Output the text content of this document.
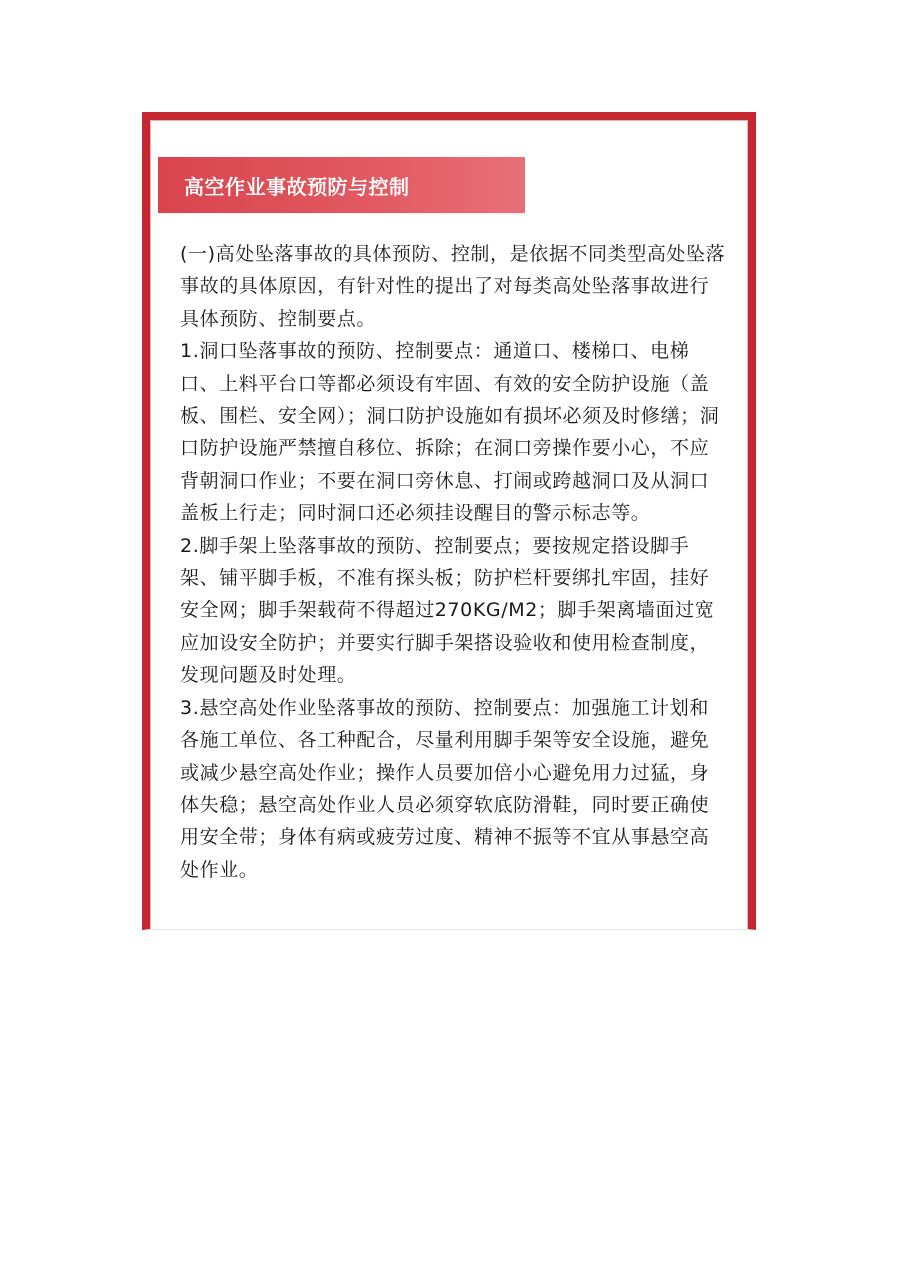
高空作业事故预防与控制

(一)高处坠落事故的具体预防、控制，是依据不同类型高处坠落事故的具体原因，有针对性的提出了对每类高处坠落事故进行具体预防、控制要点。

1.洞口坠落事故的预防、控制要点：通道口、楼梯口、电梯口、上料平台口等都必须设有牢固、有效的安全防护设施（盖板、围栏、安全网）；洞口防护设施如有损坏必须及时修缮；洞口防护设施严禁擅自移位、拆除；在洞口旁操作要小心，不应背朝洞口作业；不要在洞口旁休息、打闹或跨越洞口及从洞口盖板上行走；同时洞口还必须挂设醒目的警示标志等。

2.脚手架上坠落事故的预防、控制要点；要按规定搭设脚手架、铺平脚手板，不准有探头板；防护栏杆要绑扎牢固，挂好安全网；脚手架载荷不得超过270KG/M2；脚手架离墙面过宽应加设安全防护；并要实行脚手架搭设验收和使用检查制度，发现问题及时处理。

3.悬空高处作业坠落事故的预防、控制要点：加强施工计划和各施工单位、各工种配合，尽量利用脚手架等安全设施，避免或减少悬空高处作业；操作人员要加倍小心避免用力过猛，身体失稳；悬空高处作业人员必须穿软底防滑鞋，同时要正确使用安全带；身体有病或疲劳过度、精神不振等不宜从事悬空高处作业。
